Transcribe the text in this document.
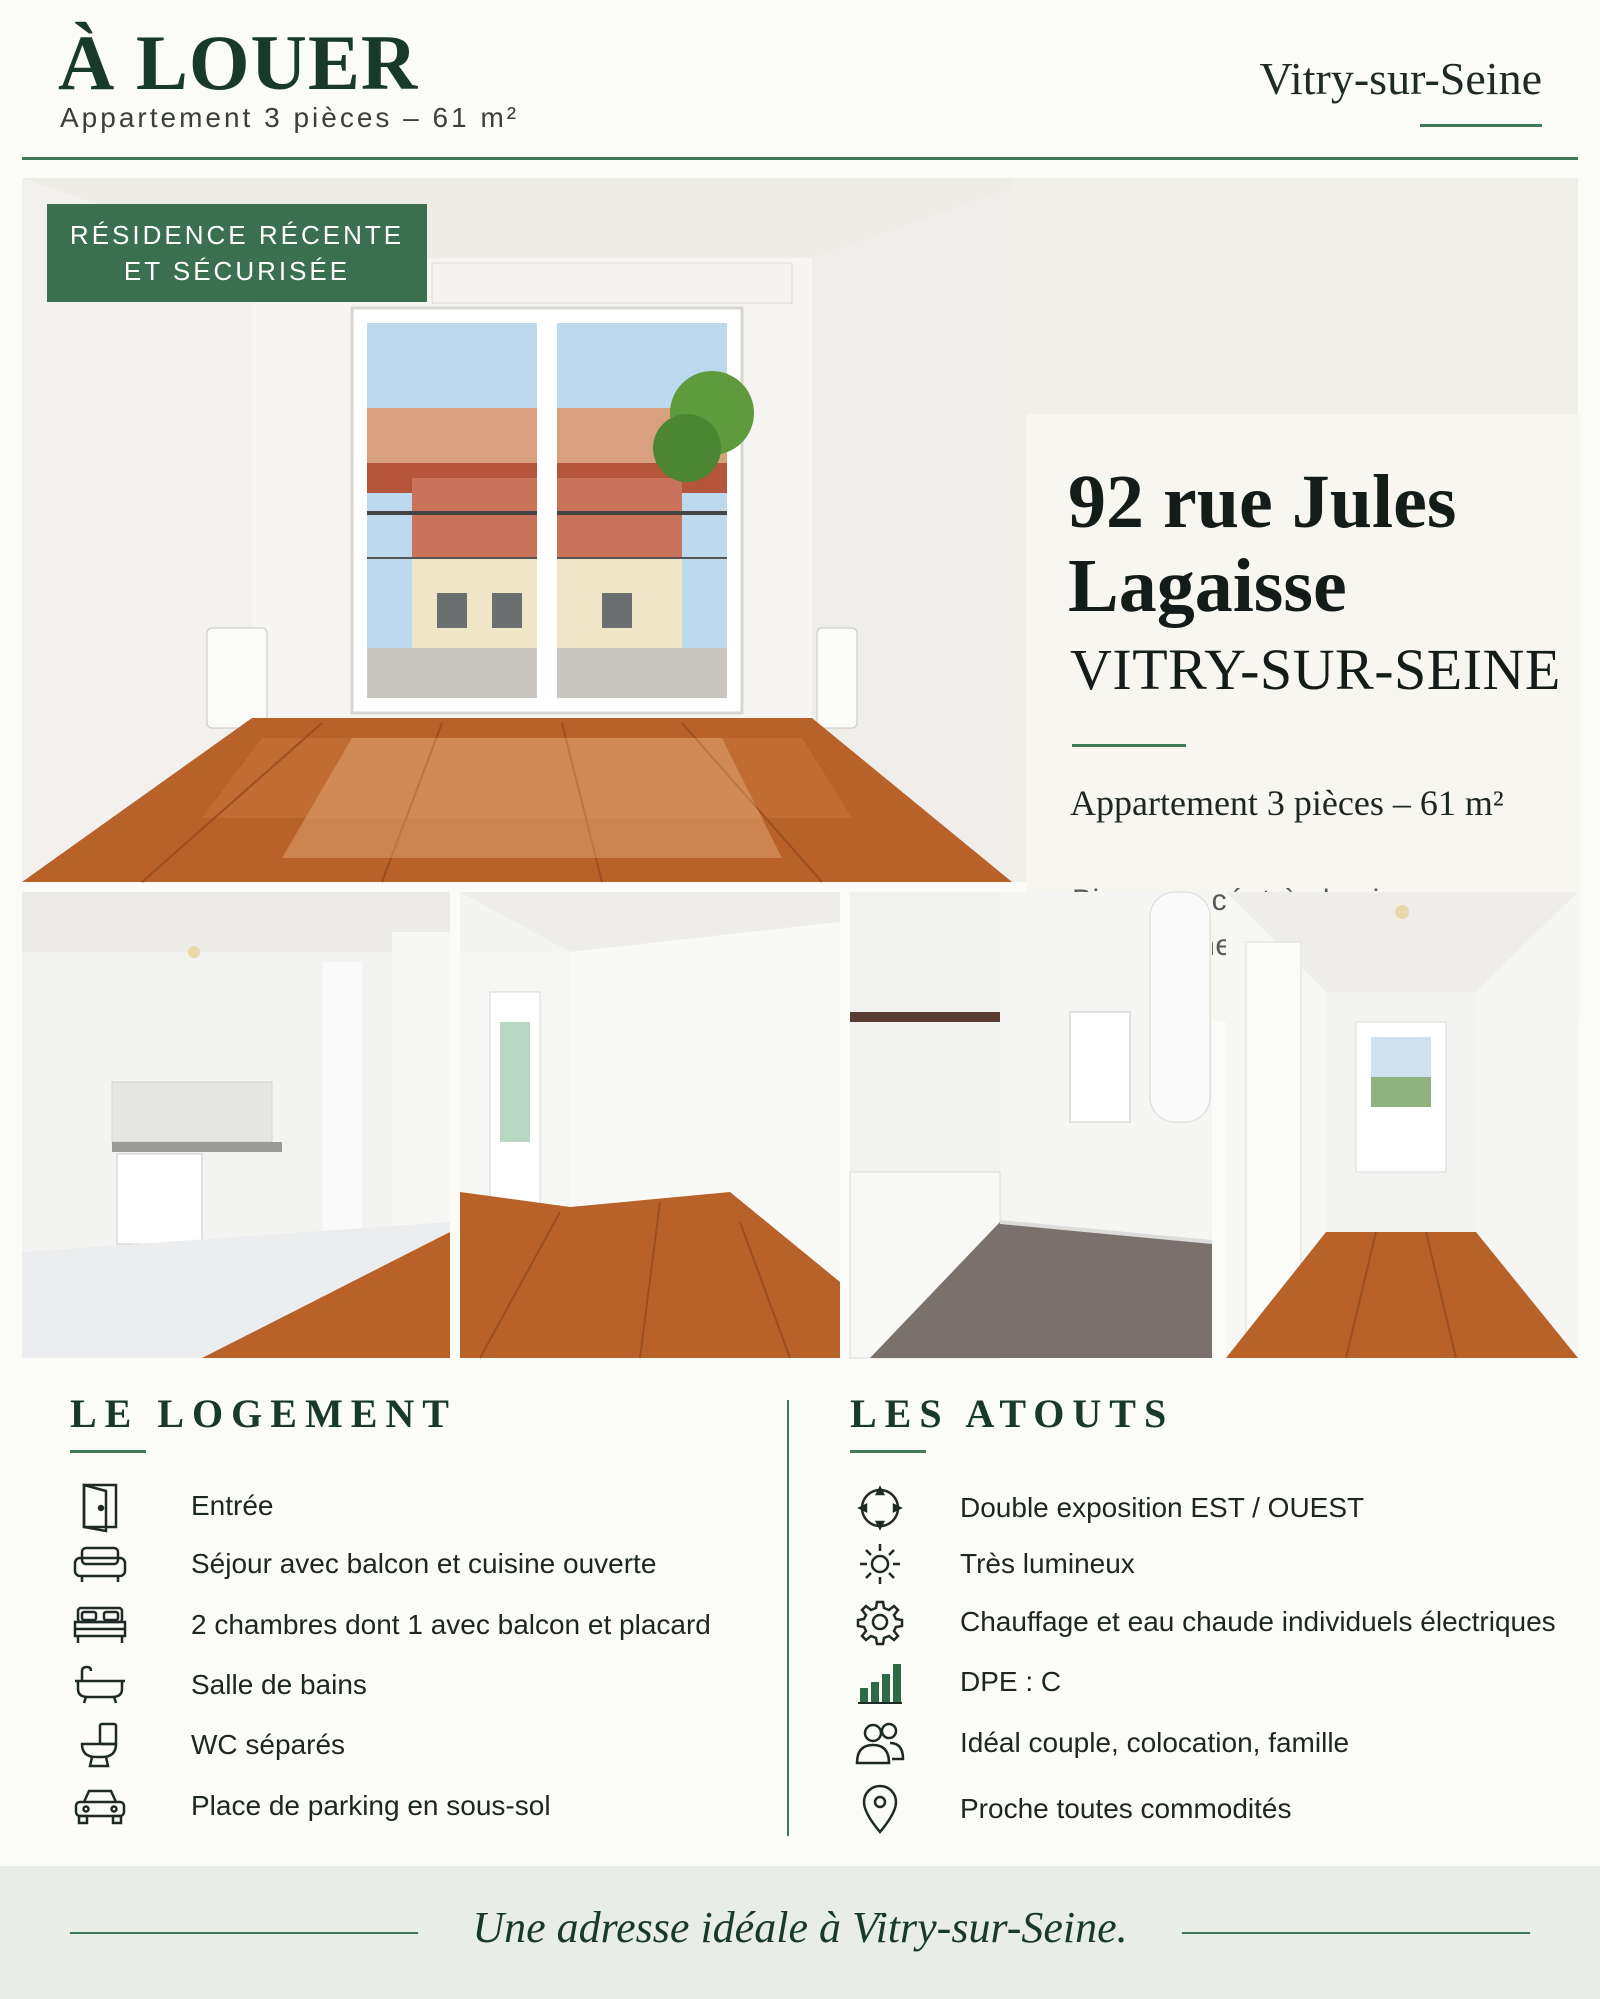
À LOUER
Appartement 3 pièces – 61 m²
Vitry-sur-Seine
92 rue Jules Lagaisse
VITRY-SUR-SEINE
Appartement 3 pièces – 61 m²
RÉSIDENCE RÉCENTE
ET SÉCURISÉE
LE LOGEMENT
Entrée
Séjour avec balcon et cuisine ouverte
2 chambres dont 1 avec balcon et placard
Salle de bains
WC séparés
Place de parking en sous-sol
LES ATOUTS
Double exposition EST / OUEST
Très lumineux
Chauffage et eau chaude individuels électriques
DPE : C
Idéal couple, colocation, famille
Proche toutes commodités
Une adresse idéale à Vitry-sur-Seine.
